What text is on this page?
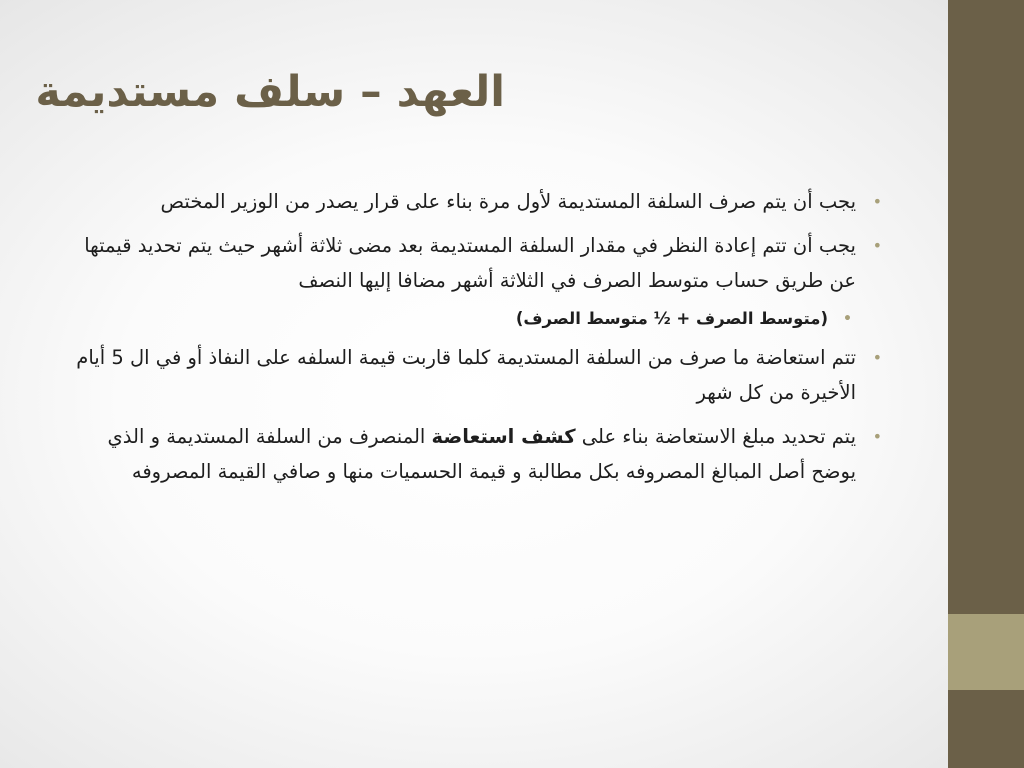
العهد – سلف مستديمة
•
يجب أن يتم صرف السلفة المستديمة لأول مرة بناء على قرار يصدر من الوزير المختص
•
يجب أن تتم إعادة النظر في مقدار السلفة المستديمة بعد مضى ثلاثة أشهر حيث يتم تحديد قيمتها عن طريق حساب متوسط الصرف في الثلاثة أشهر مضافا إليها النصف
•
(متوسط الصرف + ½ متوسط الصرف)
•
تتم استعاضة ما صرف من السلفة المستديمة كلما قاربت قيمة السلفه على النفاذ أو في ال 5 أيام الأخيرة من كل شهر
•
يتم تحديد مبلغ الاستعاضة بناء على كشف استعاضة المنصرف من السلفة المستديمة و الذي يوضح أصل المبالغ المصروفه بكل مطالبة و قيمة الحسميات منها و صافي القيمة المصروفه
